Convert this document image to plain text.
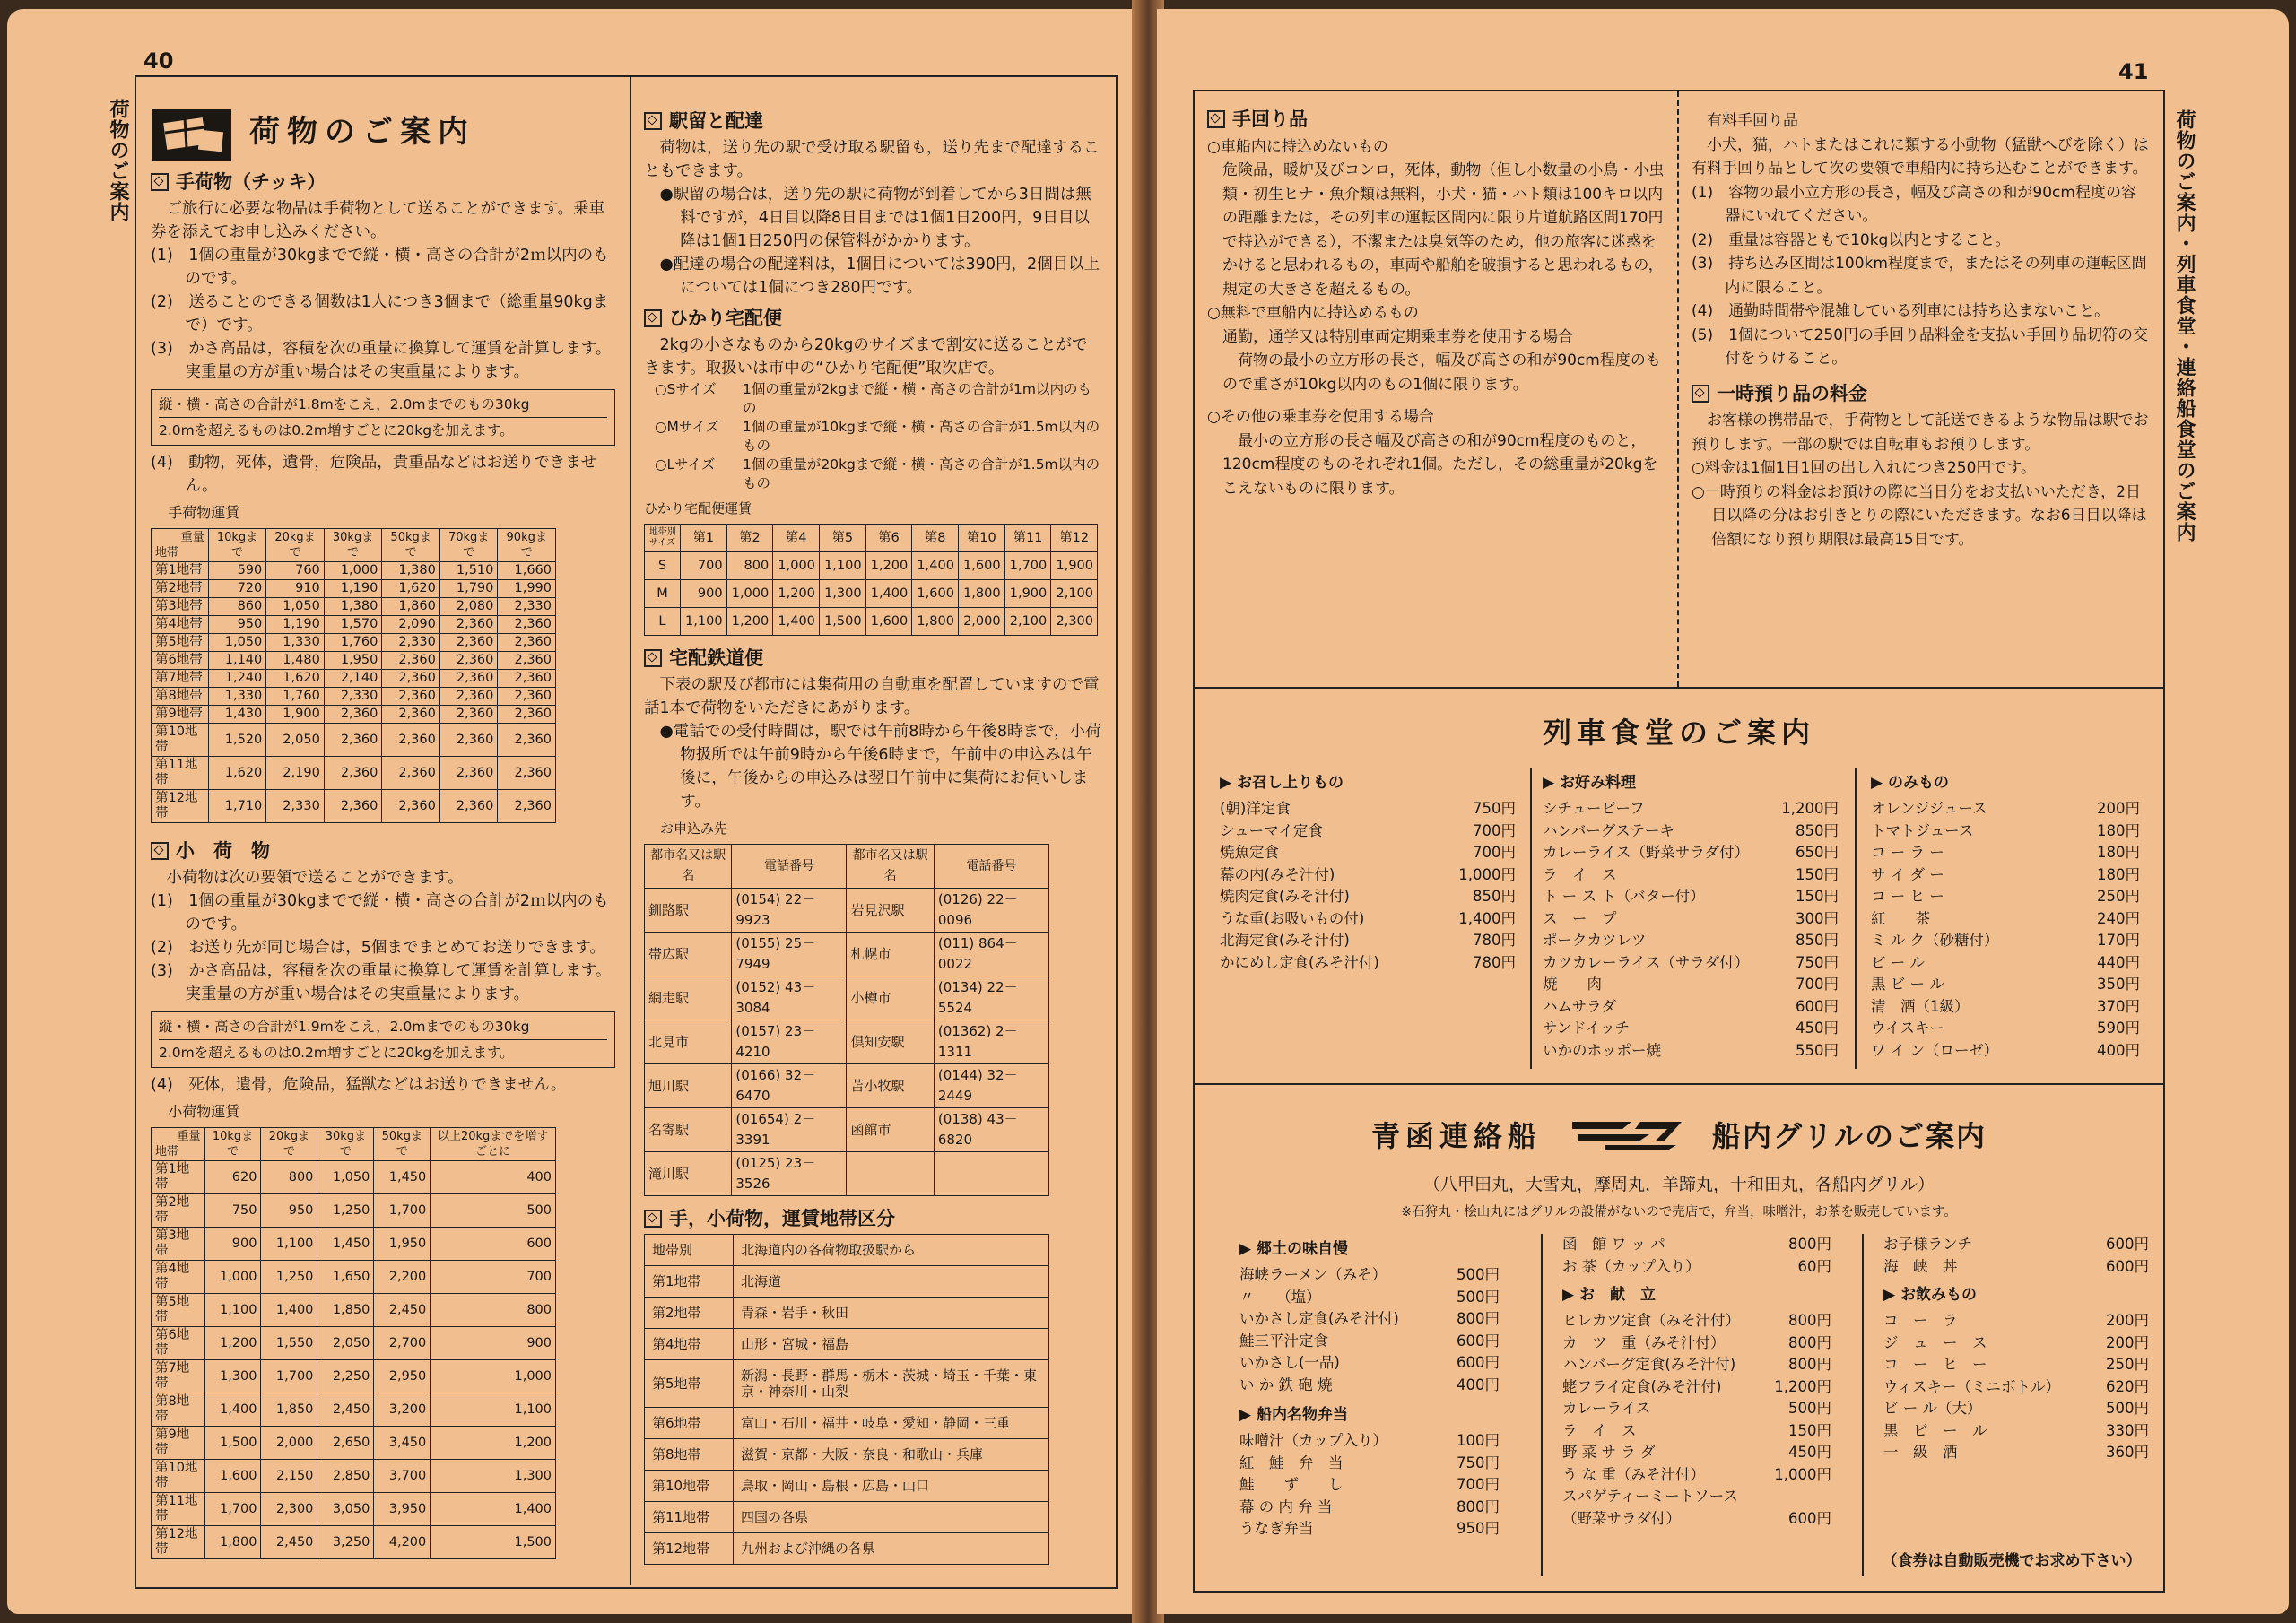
40
荷物のご案内	荷物のご案内
手荷物（チッキ）

ご旅行に必要な物品は手荷物として送ることができます。乗車券を添えてお申し込みください。

(1)　1個の重量が30kgまでで縦・横・高さの合計が2ｍ以内のものです。

(2)　送ることのできる個数は1人につき3個まで（総重量90kgまで）です。

(3)　かさ高品は，容積を次の重量に換算して運賃を計算します。実重量の方が重い場合はその実重量によります。

縦・横・高さの合計が1.8mをこえ，2.0mまでのもの30kg
2.0mを超えるものは0.2m増すごとに20kgを加えます。

(4)　動物，死体，遺骨，危険品，貴重品などはお送りできません。

手荷物運賃
重量
地帯	10kgまで	20kgまで	30kgまで	50kgまで	70kgまで	90kgまで
第1地帯	590	760	1,000	1,380	1,510	1,660
第2地帯	720	910	1,190	1,620	1,790	1,990
第3地帯	860	1,050	1,380	1,860	2,080	2,330
第4地帯	950	1,190	1,570	2,090	2,360	2,360
第5地帯	1,050	1,330	1,760	2,330	2,360	2,360
第6地帯	1,140	1,480	1,950	2,360	2,360	2,360
第7地帯	1,240	1,620	2,140	2,360	2,360	2,360
第8地帯	1,330	1,760	2,330	2,360	2,360	2,360
第9地帯	1,430	1,900	2,360	2,360	2,360	2,360
第10地帯	1,520	2,050	2,360	2,360	2,360	2,360
第11地帯	1,620	2,190	2,360	2,360	2,360	2,360
第12地帯	1,710	2,330	2,360	2,360	2,360	2,360
小　荷　物

小荷物は次の要領で送ることができます。

(1)　1個の重量が30kgまでで縦・横・高さの合計が2ｍ以内のものです。

(2)　お送り先が同じ場合は，5個までまとめてお送りできます。

(3)　かさ高品は，容積を次の重量に換算して運賃を計算します。実重量の方が重い場合はその実重量によります。

縦・横・高さの合計が1.9mをこえ，2.0mまでのもの30kg
2.0mを超えるものは0.2m増すごとに20kgを加えます。

(4)　死体，遺骨，危険品，猛獣などはお送りできません。

小荷物運賃
重量
地帯	10kgまで	20kgまで	30kgまで	50kgまで	以上20kgまでを増すごとに
第1地帯	620	800	1,050	1,450	400
第2地帯	750	950	1,250	1,700	500
第3地帯	900	1,100	1,450	1,950	600
第4地帯	1,000	1,250	1,650	2,200	700
第5地帯	1,100	1,400	1,850	2,450	800
第6地帯	1,200	1,550	2,050	2,700	900
第7地帯	1,300	1,700	2,250	2,950	1,000
第8地帯	1,400	1,850	2,450	3,200	1,100
第9地帯	1,500	2,000	2,650	3,450	1,200
第10地帯	1,600	2,150	2,850	3,700	1,300
第11地帯	1,700	2,300	3,050	3,950	1,400
第12地帯	1,800	2,450	3,250	4,200	1,500
駅留と配達

荷物は，送り先の駅で受け取る駅留も，送り先まで配達することもできます。

●駅留の場合は，送り先の駅に荷物が到着してから3日間は無料ですが，4日目以降8日目までは1個1日200円，9日目以降は1個1日250円の保管料がかかります。

●配達の場合の配達料は，1個目については390円，2個目以上については1個につき280円です。

ひかり宅配便

2kgの小さなものから20kgのサイズまで割安に送ることができます。取扱いは市中の“ひかり宅配便”取次店で。

○Sサイズ	1個の重量が2kgまで縦・横・高さの合計が1m以内のもの
○Mサイズ	1個の重量が10kgまで縦・横・高さの合計が1.5m以内のもの
○Lサイズ	1個の重量が20kgまで縦・横・高さの合計が1.5m以内のもの
ひかり宅配便運賃
地帯別
サイズ	第1	第2	第4	第5	第6	第8	第10	第11	第12
S	700	800	1,000	1,100	1,200	1,400	1,600	1,700	1,900
M	900	1,000	1,200	1,300	1,400	1,600	1,800	1,900	2,100
L	1,100	1,200	1,400	1,500	1,600	1,800	2,000	2,100	2,300
宅配鉄道便

下表の駅及び都市には集荷用の自動車を配置していますので電話1本で荷物をいただきにあがります。

●電話での受付時間は，駅では午前8時から午後8時まで，小荷物扱所では午前9時から午後6時まで，午前中の申込みは午後に，午後からの申込みは翌日午前中に集荷にお伺いします。

お申込み先
都市名又は駅名	電話番号	都市名又は駅名	電話番号
釧路駅	(0154) 22－9923	岩見沢駅	(0126) 22－0096
帯広駅	(0155) 25－7949	札幌市	(011) 864－0022
網走駅	(0152) 43－3084	小樽市	(0134) 22－5524
北見市	(0157) 23－4210	倶知安駅	(01362) 2－1311
旭川駅	(0166) 32－6470	苫小牧駅	(0144) 32－2449
名寄駅	(01654) 2－3391	函館市	(0138) 43－6820
滝川駅	(0125) 23－3526		
手，小荷物，運賃地帯区分
地帯別	北海道内の各荷物取扱駅から
第1地帯	北海道
第2地帯	青森・岩手・秋田
第4地帯	山形・宮城・福島
第5地帯	新潟・長野・群馬・栃木・茨城・埼玉・千葉・東京・神奈川・山梨
第6地帯	富山・石川・福井・岐阜・愛知・静岡・三重
第8地帯	滋賀・京都・大阪・奈良・和歌山・兵庫
第10地帯	鳥取・岡山・島根・広島・山口
第11地帯	四国の各県
第12地帯	九州および沖縄の各県
41
荷物のご案内・列車食堂・連絡船食堂のご案内
手回り品

○車船内に持込めないもの

危険品，暖炉及びコンロ，死体，動物（但し小数量の小鳥・小虫類・初生ヒナ・魚介類は無料，小犬・猫・ハト類は100キロ以内の距離または，その列車の運転区間内に限り片道航路区間170円で持込ができる），不潔または臭気等のため，他の旅客に迷惑をかけると思われるもの，車両や船舶を破損すると思われるもの，規定の大きさを超えるもの。

○無料で車船内に持込めるもの

通勤，通学又は特別車両定期乗車券を使用する場合

荷物の最小の立方形の長さ，幅及び高さの和が90cm程度のもので重さが10kg以内のもの1個に限ります。

○その他の乗車券を使用する場合

最小の立方形の長さ幅及び高さの和が90cm程度のものと，120cm程度のものそれぞれ1個。ただし，その総重量が20kgをこえないものに限ります。

有料手回り品

小犬，猫，ハトまたはこれに類する小動物（猛獣へびを除く）は有料手回り品として次の要領で車船内に持ち込むことができます。

(1)　容物の最小立方形の長さ，幅及び高さの和が90cm程度の容器にいれてください。

(2)　重量は容器ともで10kg以内とすること。

(3)　持ち込み区間は100km程度まで，またはその列車の運転区間内に限ること。

(4)　通勤時間帯や混雑している列車には持ち込まないこと。

(5)　1個について250円の手回り品料金を支払い手回り品切符の交付をうけること。

一時預り品の料金

お客様の携帯品で，手荷物として託送できるような物品は駅でお預りします。一部の駅では自転車もお預りします。

○料金は1個1日1回の出し入れにつき250円です。

○一時預りの料金はお預けの際に当日分をお支払いいただき，2日目以降の分はお引きとりの際にいただきます。なお6日目以降は倍額になり預り期限は最高15日です。

列車食堂のご案内
▶ お召し上りもの
(朝)洋定食	750円
シューマイ定食	700円
焼魚定食	700円
幕の内(みそ汁付)	1,000円
焼肉定食(みそ汁付)	850円
うな重(お吸いもの付)	1,400円
北海定食(みそ汁付)	780円
かにめし定食(みそ汁付)	780円
▶ お好み料理
シチュービーフ	1,200円
ハンバーグステーキ	850円
カレーライス（野菜サラダ付）	650円
ラ　イ　ス	150円
ト ー ス ト（バター付）	150円
ス　ー　プ	300円
ポークカツレツ	850円
カツカレーライス（サラダ付）	750円
焼　　肉	700円
ハムサラダ	600円
サンドイッチ	450円
いかのホッポー焼	550円
▶ のみもの
オレンジジュース	200円
トマトジュース	180円
コ ー ラ ー	180円
サ イ ダ ー	180円
コ ー ヒ ー	250円
紅　　茶	240円
ミ ル ク（砂糖付）	170円
ビ ー ル	440円
黒 ビ ー ル	350円
清　酒（1級）	370円
ウイスキー	590円
ワ イ ン（ローゼ）	400円
青函連絡船	船内グリルのご案内
（八甲田丸，大雪丸，摩周丸，羊蹄丸，十和田丸，各船内グリル）
※石狩丸・桧山丸にはグリルの設備がないので売店で，弁当，味噌汁，お茶を販売しています。
▶ 郷土の味自慢
海峡ラーメン（みそ）	500円
〃　　（塩）	500円
いかさし定食(みそ汁付)	800円
鮭三平汁定食	600円
いかさし(一品)	600円
い か 鉄 砲 焼	400円
▶ 船内名物弁当
味噌汁（カップ入り）	100円
紅　鮭　弁　当	750円
鮭　　ず　　し	700円
幕 の 内 弁 当	800円
うなぎ弁当	950円
函　館 ワ ッ パ	800円
お 茶（カップ入り）	60円
▶ お　献　立
ヒレカツ定食（みそ汁付）	800円
カ　ツ　重（みそ汁付）	800円
ハンバーグ定食(みそ汁付)	800円
蛯フライ定食(みそ汁付)	1,200円
カレーライス	500円
ラ　イ　ス	150円
野 菜 サ ラ ダ	450円
う な 重（みそ汁付）	1,000円
スパゲティーミートソース

（野菜サラダ付）	600円
お子様ランチ	600円
海　峡　丼	600円
▶ お飲みもの
コ　ー　ラ	200円
ジ　ュ　ー　ス	200円
コ　ー　ヒ　ー	250円
ウィスキー（ミニボトル）	620円
ビ ー ル（大）	500円
黒　ビ　ー　ル	330円
一　級　酒	360円
（食券は自動販売機でお求め下さい）
